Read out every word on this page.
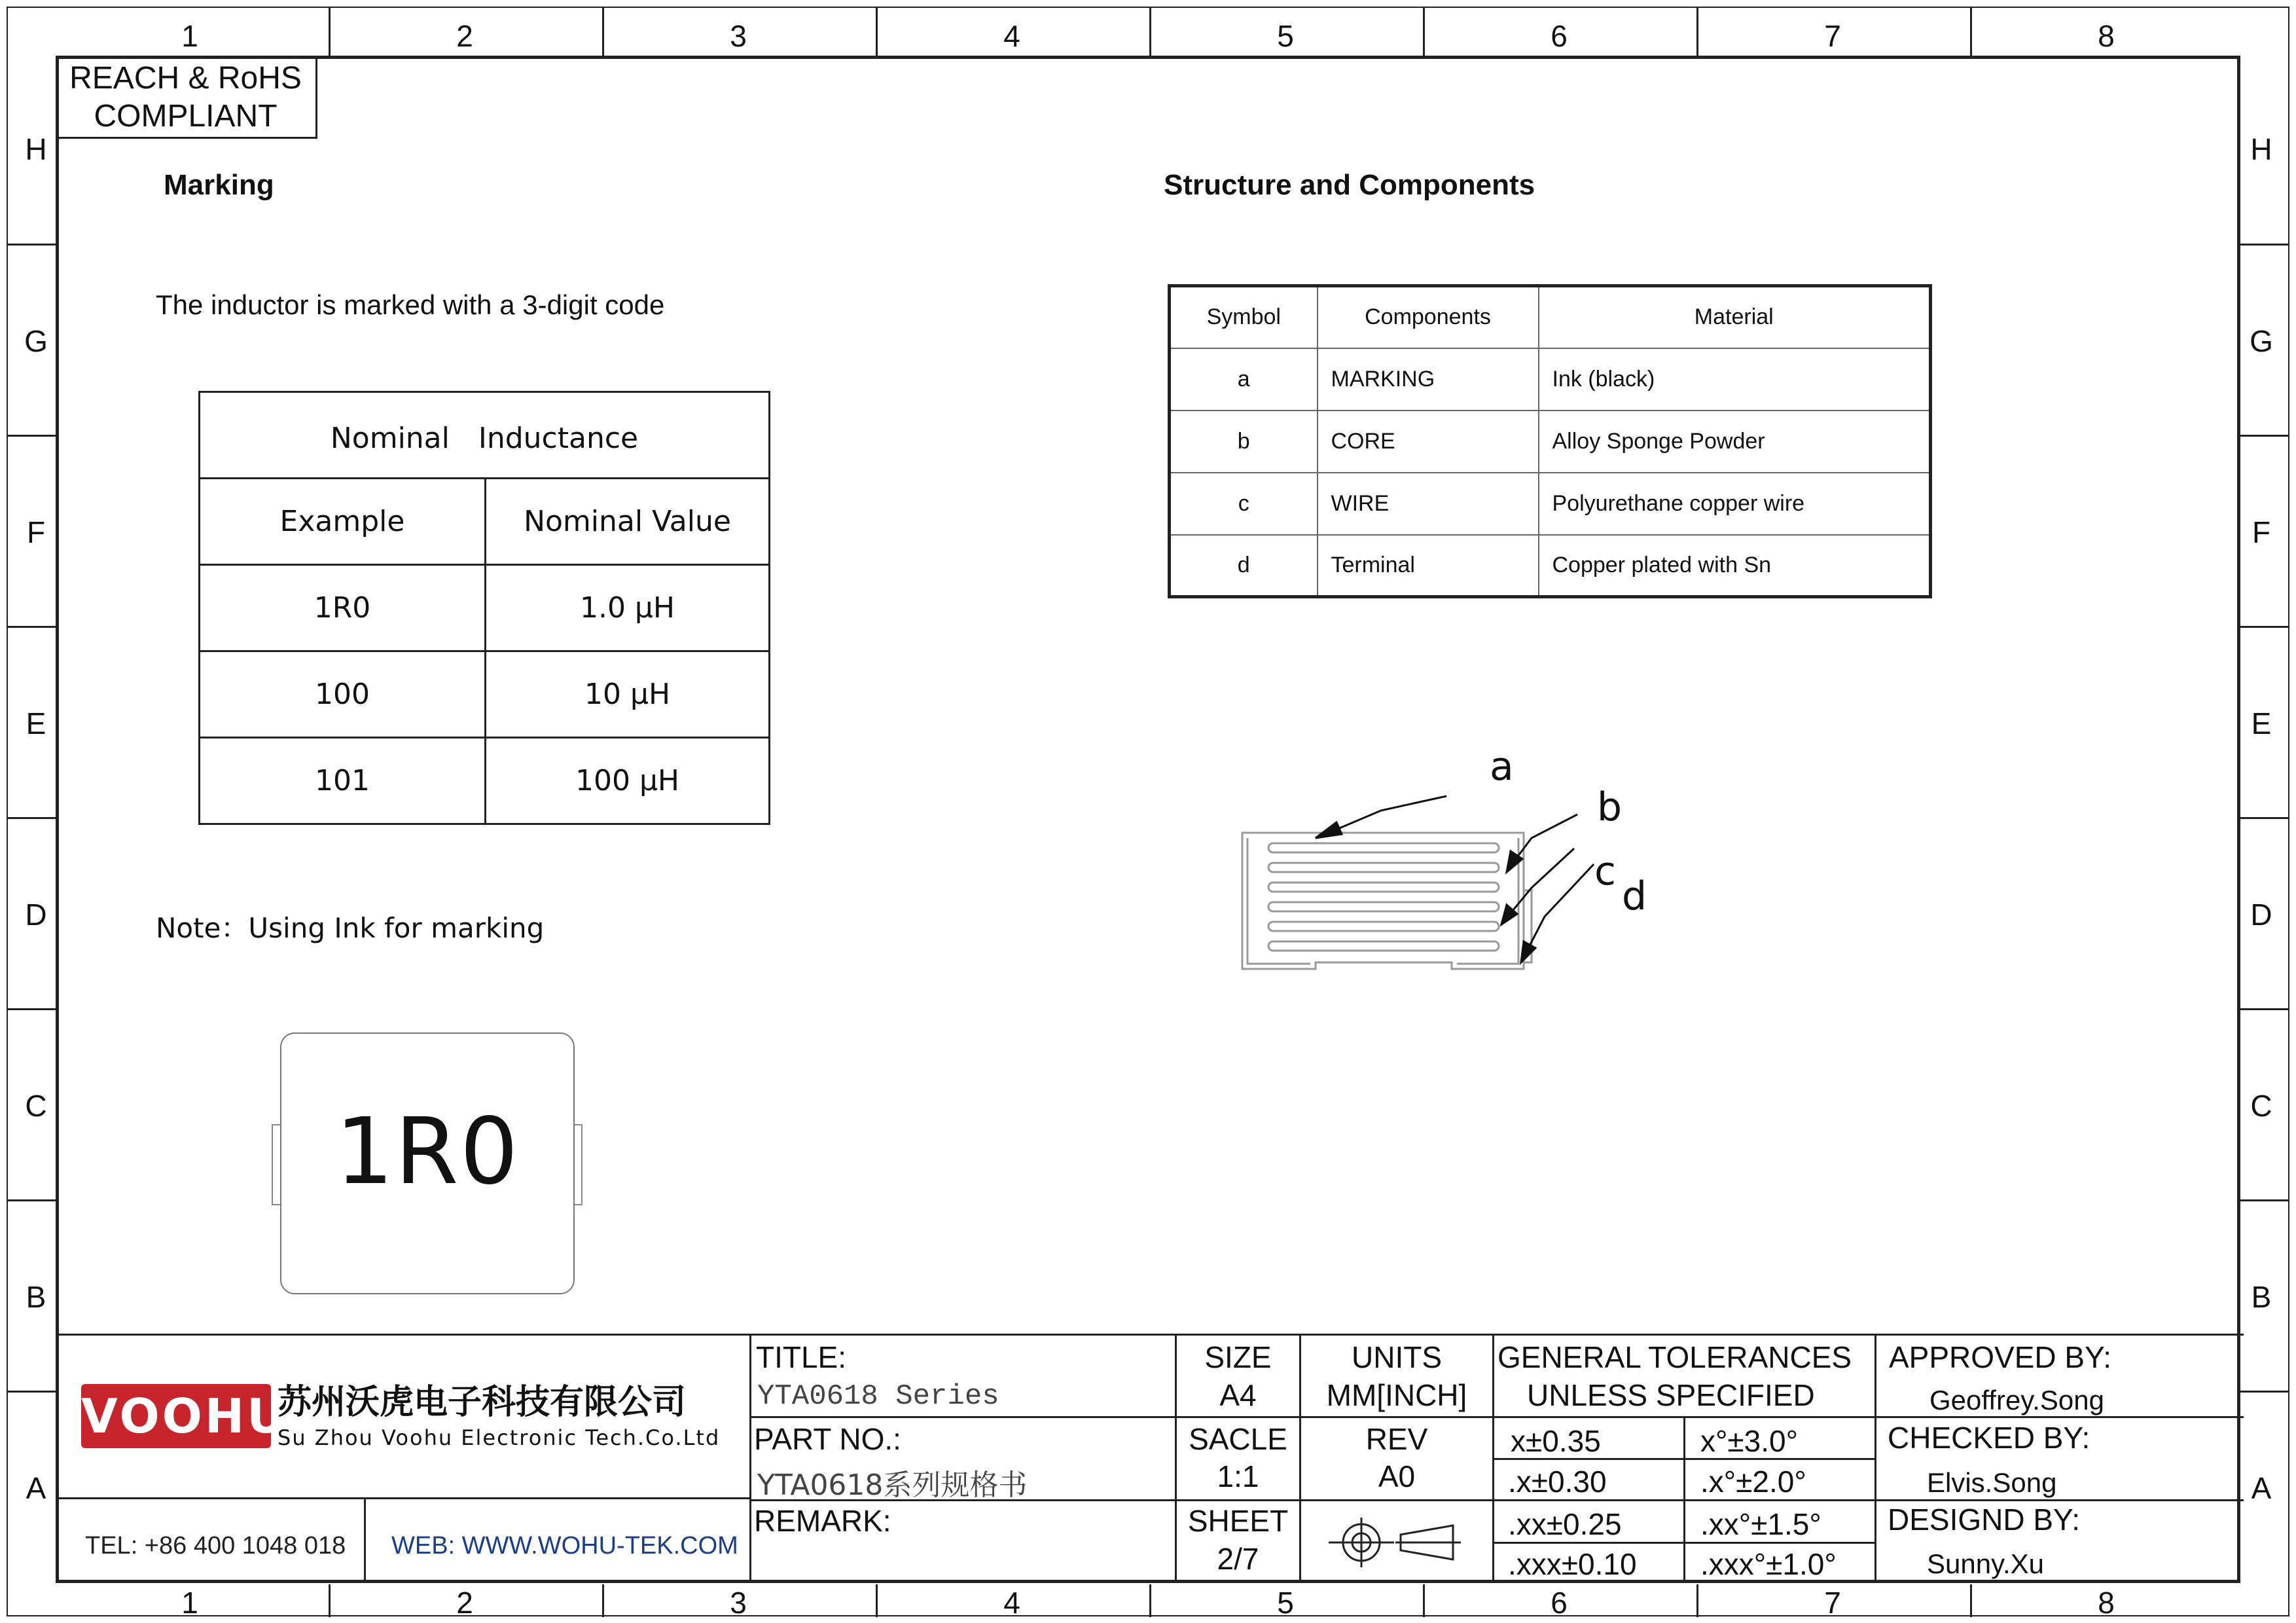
1	2	3	4	5	6	7	8
1	2	3	4	5	6	7	8
H
G
F
E
D
C
B
A
H
G
F
E
D
C
B
A
REACH & RoHS
COMPLIANT
Marking
The inductor is marked with a 3-digit code
Nominal　Inductance	
Example	Nominal Value
1R0	1.0 μH
100	10 μH
101	100 μH
Note：Using Ink for marking
1R0
Structure and Components
Symbol	Components	Material
a	MARKING	Ink (black)
b	CORE	Alloy Sponge Powder
c	WIRE	Polyurethane copper wire
d	Terminal	Copper plated with Sn
a
b
c
d
VOOHU
苏州沃虎电子科技有限公司
Su Zhou Voohu Electronic Tech.Co.Ltd
TEL: +86 400 1048 018 WEB: WWW.WOHU-TEK.COM
TITLE:
YTA0618 Series
PART NO.:
YTA0618系列规格书
REMARK:
SIZE
A4
SACLE
1:1
SHEET
2/7
UNITS
MM[INCH]
REV
A0
GENERAL TOLERANCES
UNLESS SPECIFIED
x±0.35	x°±3.0°
.x±0.30	.x°±2.0°
.xx±0.25	.xx°±1.5°
.xxx±0.10 .xxx°±1.0°
APPROVED BY:
Geoffrey.Song
CHECKED BY:
Elvis.Song
DESIGND BY:
Sunny.Xu
